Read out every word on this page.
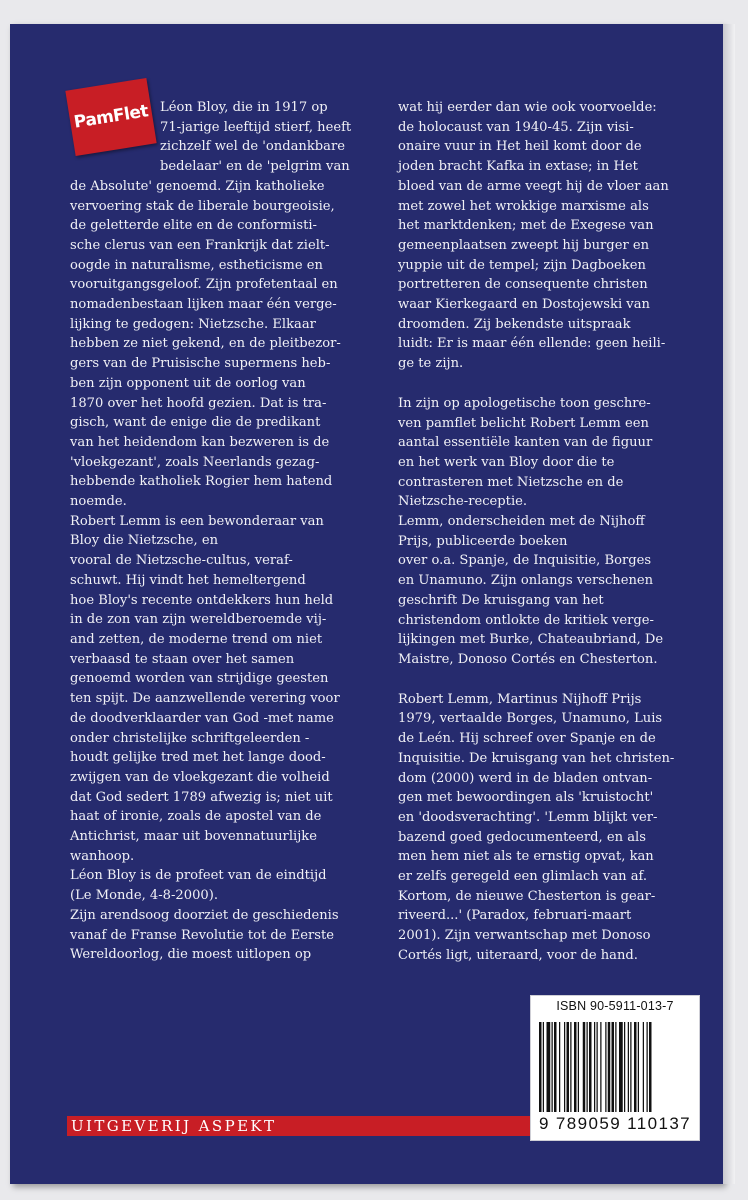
PamFlet Léon Bloy, die in 1917 op

71-jarige leeftijd stierf, heeft

zichzelf wel de 'ondankbare

bedelaar' en de 'pelgrim van

de Absolute' genoemd. Zijn katholieke

vervoering stak de liberale bourgeoisie,

de geletterde elite en de conformisti-

sche clerus van een Frankrijk dat zielt-

oogde in naturalisme, estheticisme en

vooruitgangsgeloof. Zijn profetentaal en

nomadenbestaan lijken maar één verge-

lijking te gedogen: Nietzsche. Elkaar

hebben ze niet gekend, en de pleitbezor-

gers van de Pruisische supermens heb-

ben zijn opponent uit de oorlog van

1870 over het hoofd gezien. Dat is tra-

gisch, want de enige die de predikant

van het heidendom kan bezweren is de

'vloekgezant', zoals Neerlands gezag-

hebbende katholiek Rogier hem hatend

noemde.

Robert Lemm is een bewonderaar van

Bloy die Nietzsche, en

vooral de Nietzsche-cultus, veraf-

schuwt. Hij vindt het hemeltergend

hoe Bloy's recente ontdekkers hun held

in de zon van zijn wereldberoemde vij-

and zetten, de moderne trend om niet

verbaasd te staan over het samen

genoemd worden van strijdige geesten

ten spijt. De aanzwellende verering voor

de doodverklaarder van God -met name

onder christelijke schriftgeleerden -

houdt gelijke tred met het lange dood-

zwijgen van de vloekgezant die volheid

dat God sedert 1789 afwezig is; niet uit

haat of ironie, zoals de apostel van de

Antichrist, maar uit bovennatuurlijke

wanhoop.

Léon Bloy is de profeet van de eindtijd

(Le Monde, 4-8-2000).

Zijn arendsoog doorziet de geschiedenis

vanaf de Franse Revolutie tot de Eerste

Wereldoorlog, die moest uitlopen op

wat hij eerder dan wie ook voorvoelde:

de holocaust van 1940-45. Zijn visi-

onaire vuur in Het heil komt door de

joden bracht Kafka in extase; in Het

bloed van de arme veegt hij de vloer aan

met zowel het wrokkige marxisme als

het marktdenken; met de Exegese van

gemeenplaatsen zweept hij burger en

yuppie uit de tempel; zijn Dagboeken

portretteren de consequente christen

waar Kierkegaard en Dostojewski van

droomden. Zij bekendste uitspraak

luidt: Er is maar één ellende: geen heili-

ge te zijn.

In zijn op apologetische toon geschre-

ven pamflet belicht Robert Lemm een

aantal essentiële kanten van de figuur

en het werk van Bloy door die te

contrasteren met Nietzsche en de

Nietzsche-receptie.

Lemm, onderscheiden met de Nijhoff

Prijs, publiceerde boeken

over o.a. Spanje, de Inquisitie, Borges

en Unamuno. Zijn onlangs verschenen

geschrift De kruisgang van het

christendom ontlokte de kritiek verge-

lijkingen met Burke, Chateaubriand, De

Maistre, Donoso Cortés en Chesterton.

Robert Lemm, Martinus Nijhoff Prijs

1979, vertaalde Borges, Unamuno, Luis

de Leén. Hij schreef over Spanje en de

Inquisitie. De kruisgang van het christen-

dom (2000) werd in de bladen ontvan-

gen met bewoordingen als 'kruistocht'

en 'doodsverachting'. 'Lemm blijkt ver-

bazend goed gedocumenteerd, en als

men hem niet als te ernstig opvat, kan

er zelfs geregeld een glimlach van af.

Kortom, de nieuwe Chesterton is gear-

riveerd...' (Paradox, februari-maart

2001). Zijn verwantschap met Donoso

Cortés ligt, uiteraard, voor de hand.

ISBN 90-5911-013-7
9 789059 110137
UITGEVERIJ ASPEKT
